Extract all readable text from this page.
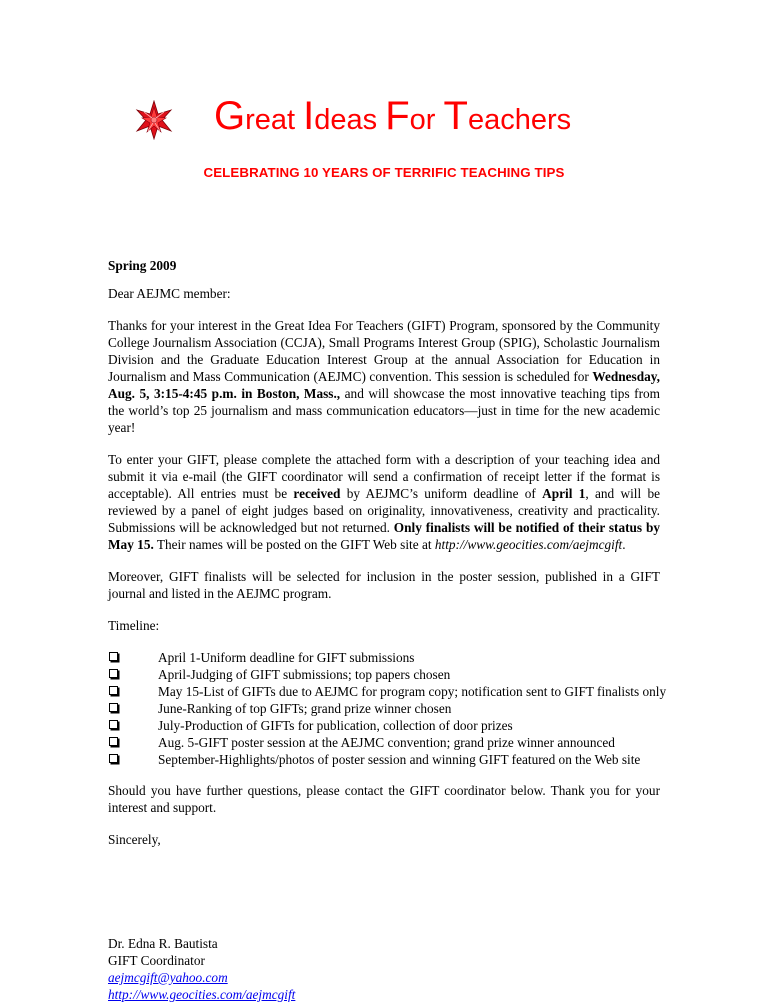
Great Ideas For Teachers
CELEBRATING 10 YEARS OF TERRIFIC TEACHING TIPS

Spring 2009

Dear AEJMC member:

Thanks for your interest in the Great Idea For Teachers (GIFT) Program, sponsored by the Community College Journalism Association (CCJA), Small Programs Interest Group (SPIG), Scholastic Journalism Division and the Graduate Education Interest Group at the annual Association for Education in Journalism and Mass Communication (AEJMC) convention. This session is scheduled for Wednesday, Aug. 5, 3:15-4:45 p.m. in Boston, Mass., and will showcase the most innovative teaching tips from the world’s top 25 journalism and mass communication educators—just in time for the new academic year!

To enter your GIFT, please complete the attached form with a description of your teaching idea and submit it via e-mail (the GIFT coordinator will send a confirmation of receipt letter if the format is acceptable). All entries must be received by AEJMC’s uniform deadline of April 1, and will be reviewed by a panel of eight judges based on originality, innovativeness, creativity and practicality. Submissions will be acknowledged but not returned. Only finalists will be notified of their status by May 15. Their names will be posted on the GIFT Web site at http://www.geocities.com/aejmcgift.

Moreover, GIFT finalists will be selected for inclusion in the poster session, published in a GIFT journal and listed in the AEJMC program.

Timeline:

April 1-Uniform deadline for GIFT submissions
April-Judging of GIFT submissions; top papers chosen
May 15-List of GIFTs due to AEJMC for program copy; notification sent to GIFT finalists only
June-Ranking of top GIFTs; grand prize winner chosen
July-Production of GIFTs for publication, collection of door prizes
Aug. 5-GIFT poster session at the AEJMC convention; grand prize winner announced
September-Highlights/photos of poster session and winning GIFT featured on the Web site

Should you have further questions, please contact the GIFT coordinator below. Thank you for your interest and support.

Sincerely,

Dr. Edna R. Bautista

GIFT Coordinator

aejmcgift@yahoo.com

http://www.geocities.com/aejmcgift
